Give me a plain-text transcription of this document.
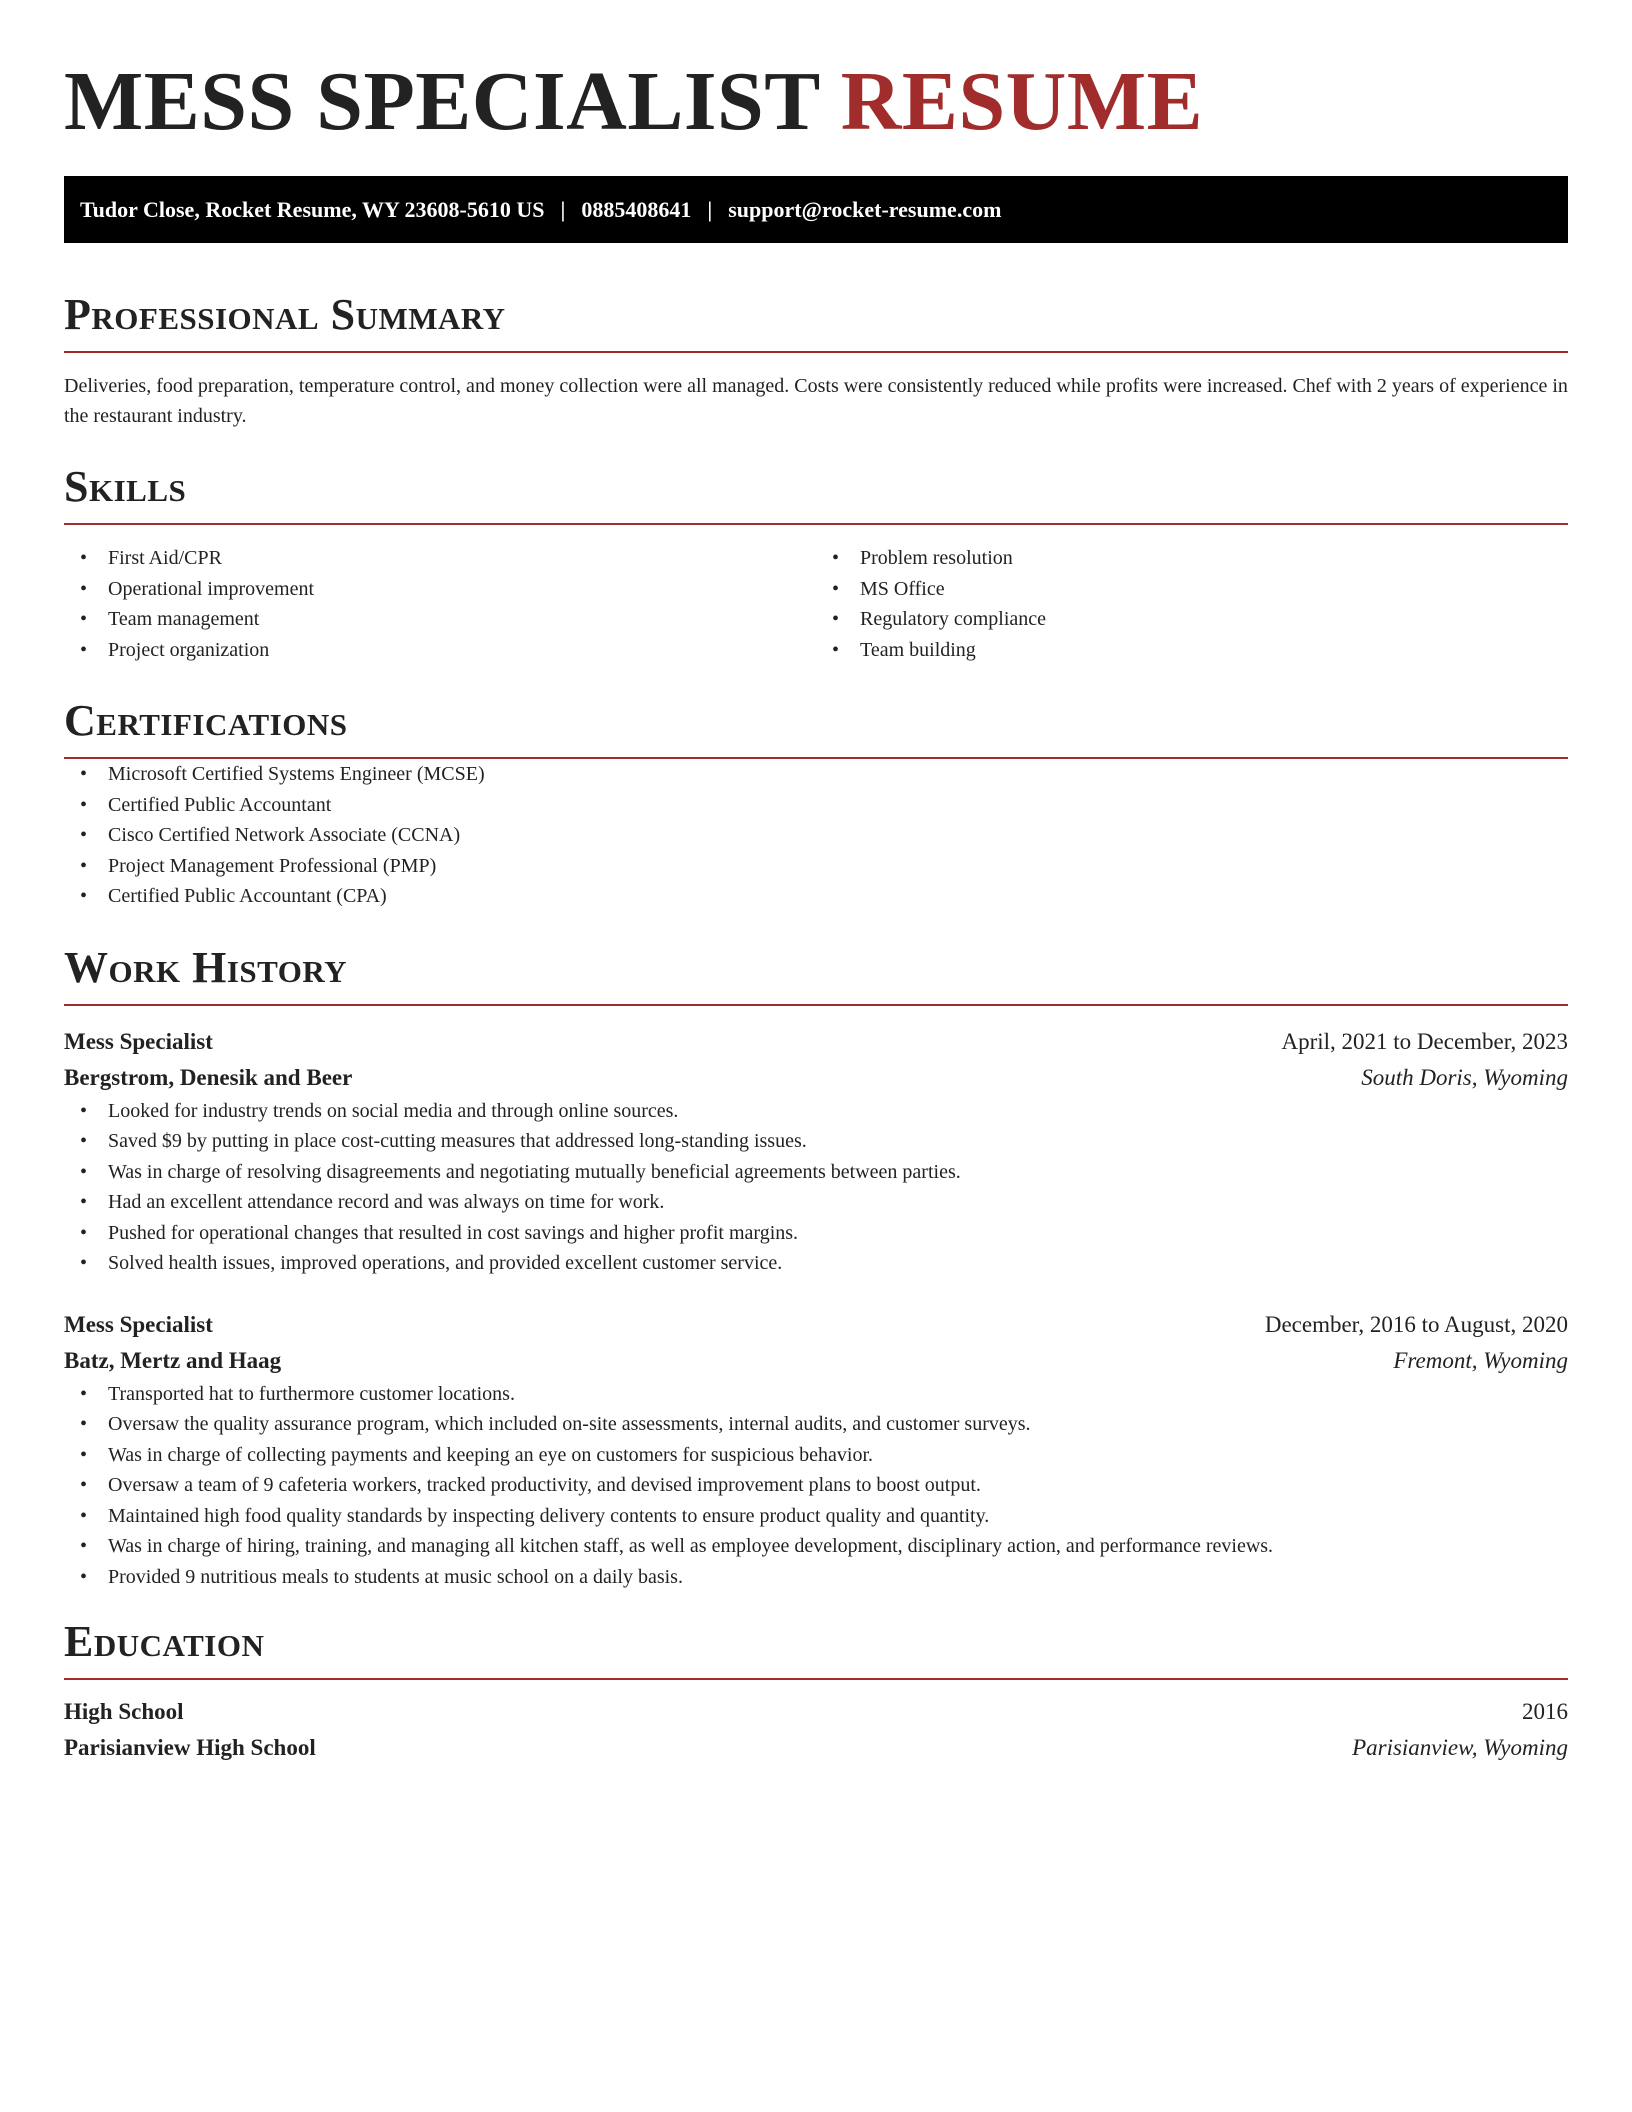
MESS SPECIALIST RESUME
Tudor Close, Rocket Resume, WY 23608-5610 US | 0885408641 | support@rocket-resume.com
Professional Summary

Deliveries, food preparation, temperature control, and money collection were all managed. Costs were consistently reduced while profits were increased. Chef with 2 years of experience in the restaurant industry.

Skills
• First Aid/CPR
• Operational improvement
• Team management
• Project organization
• Problem resolution
• MS Office
• Regulatory compliance
• Team building
Certifications
• Microsoft Certified Systems Engineer (MCSE)
• Certified Public Accountant
• Cisco Certified Network Associate (CCNA)
• Project Management Professional (PMP)
• Certified Public Accountant (CPA)
Work History
Mess Specialist	April, 2021 to December, 2023
Bergstrom, Denesik and Beer	South Doris, Wyoming
• Looked for industry trends on social media and through online sources.
• Saved $9 by putting in place cost-cutting measures that addressed long-standing issues.
• Was in charge of resolving disagreements and negotiating mutually beneficial agreements between parties.
• Had an excellent attendance record and was always on time for work.
• Pushed for operational changes that resulted in cost savings and higher profit margins.
• Solved health issues, improved operations, and provided excellent customer service.
Mess Specialist	December, 2016 to August, 2020
Batz, Mertz and Haag	Fremont, Wyoming
• Transported hat to furthermore customer locations.
• Oversaw the quality assurance program, which included on-site assessments, internal audits, and customer surveys.
• Was in charge of collecting payments and keeping an eye on customers for suspicious behavior.
• Oversaw a team of 9 cafeteria workers, tracked productivity, and devised improvement plans to boost output.
• Maintained high food quality standards by inspecting delivery contents to ensure product quality and quantity.
• Was in charge of hiring, training, and managing all kitchen staff, as well as employee development, disciplinary action, and performance reviews.
• Provided 9 nutritious meals to students at music school on a daily basis.
Education
High School	2016
Parisianview High School	Parisianview, Wyoming
